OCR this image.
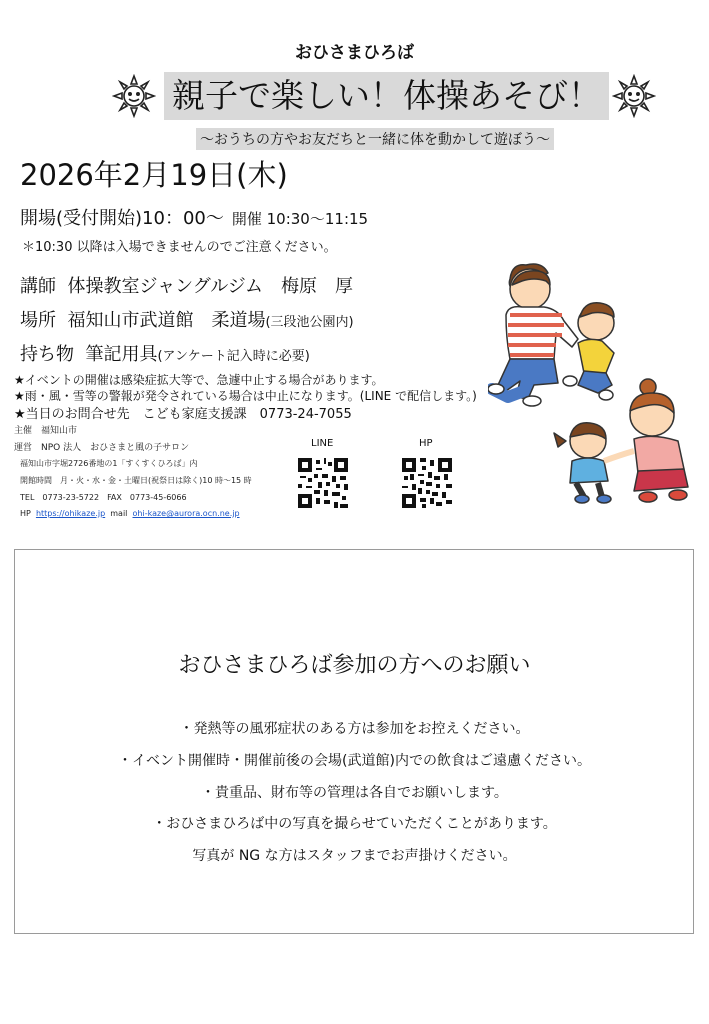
おひさまひろば
親子で楽しい！体操あそび！
～おうちの方やお友だちと一緒に体を動かして遊ぼう～
2026年2月19日(木)
開場(受付開始)10：00～ 開催 10:30～11:15
＊10:30 以降は入場できませんのでご注意ください。
講師 体操教室ジャングルジム　梅原　厚
場所 福知山市武道館　柔道場(三段池公園内)
持ち物 筆記用具(アンケート記入時に必要)
★イベントの開催は感染症拡大等で、急遽中止する場合があります。
★雨・風・雪等の警報が発令されている場合は中止になります。(LINE で配信します。)
★当日のお問合せ先　こども家庭支援課　0773-24-7055
主催　福知山市
運営　NPO 法人　おひさまと風の子サロン
福知山市字堀2726番地の1「すくすくひろば」内
開館時間　月・火・水・金・土曜日(祝祭日は除く)10 時～15 時
TEL　0773-23-5722　FAX　0773-45-6066
HP https://ohikaze.jp mail ohi-kaze@aurora.ocn.ne.jp
LINE	HP
おひさまひろば参加の方へのお願い
・発熱等の風邪症状のある方は参加をお控えください。
・イベント開催時・開催前後の会場(武道館)内での飲食はご遠慮ください。
・貴重品、財布等の管理は各自でお願いします。
・おひさまひろば中の写真を撮らせていただくことがあります。
写真が NG な方はスタッフまでお声掛けください。
